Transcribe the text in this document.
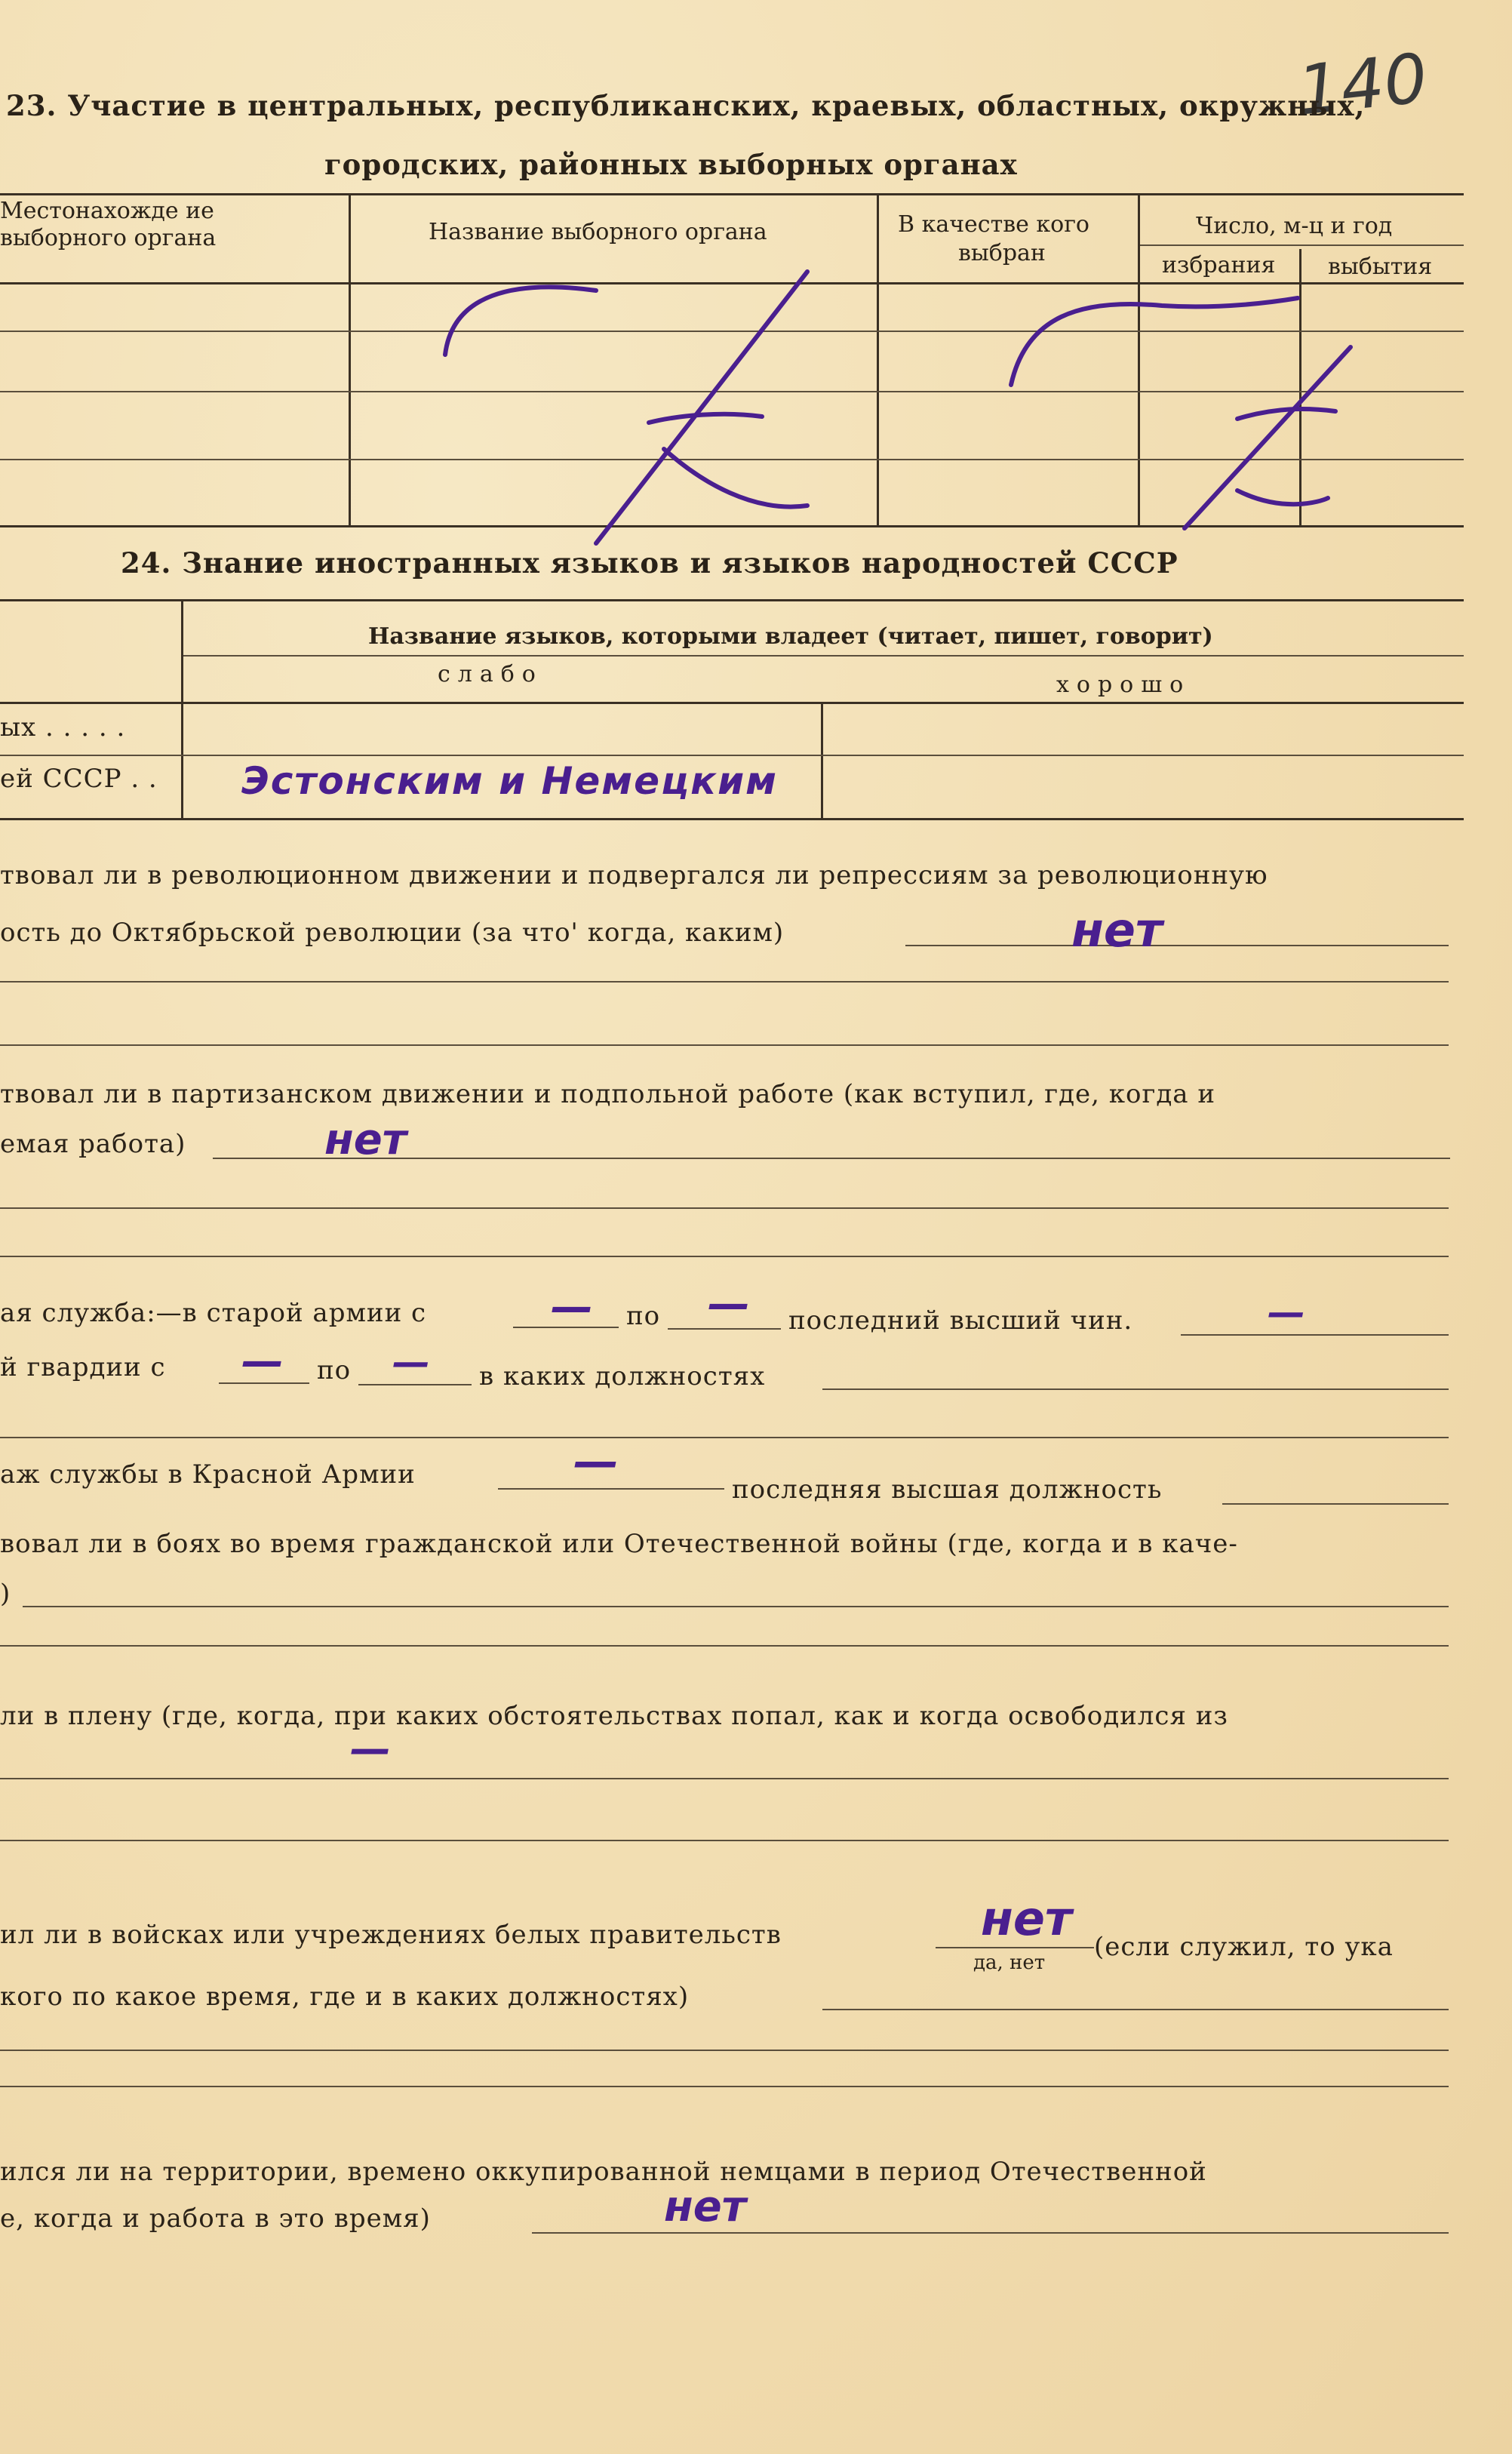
140
23. Участие в центральных, республиканских, краевых, областных, окружных,
городских, районных выборных органах
Местонахожде ие
выборного органа	Название выборного органа	В качестве кого
выбран
Число, м-ц и год
избрания выбытия
24. Знание иностранных языков и языков народностей СССР
Название языков, которыми владеет (читает, пишет, говорит)
слабо	хорошо
ых . . . . .
ей СССР . . Эстонским и Немецким
твовал ли в революционном движении и подвергался ли репрессиям за революционную
ость до Октябрьской революции (за что' когда, каким)	нет
твовал ли в партизанском движении и подпольной работе (как вступил, где, когда и
емая работа)	нет
ая служба:—в старой армии с	по	последний высший чин.
—	—	—
й гвардии с	по	в каких должностях
—	—
аж службы в Красной Армии	—
последняя высшая должность
вовал ли в боях во время гражданской или Отечественной войны (где, когда и в каче-
)
ли в плену (где, когда, при каких обстоятельствах попал, как и когда освободился из
—
ил ли в войсках или учреждениях белых правительств	нет
да, нет
(если служил, то ука
кого по какое время, где и в каких должностях)
ился ли на территории, времено оккупированной немцами в период Отечественной
е, когда и работа в это время)	нет
